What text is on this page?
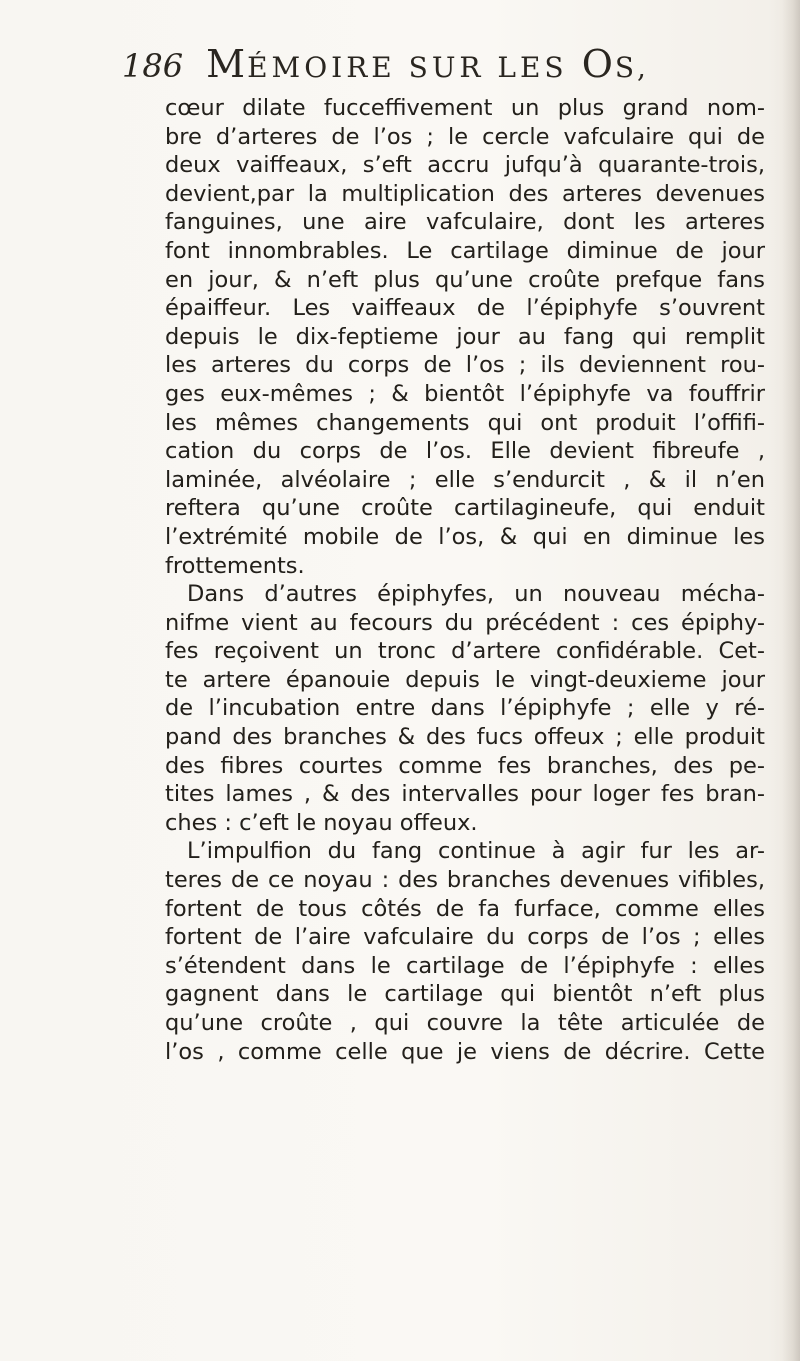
186 MÉMOIRE SUR LES OS,
cœur dilate fucceffivement un plus grand nom-
bre d’arteres de l’os ; le cercle vafculaire qui de
deux vaiffeaux, s’eft accru jufqu’à quarante-trois,
devient,par la multiplication des arteres devenues
fanguines, une aire vafculaire, dont les arteres
font innombrables. Le cartilage diminue de jour
en jour, & n’eft plus qu’une croûte prefque fans
épaiffeur. Les vaiffeaux de l’épiphyfe s’ouvrent
depuis le dix-feptieme jour au fang qui remplit
les arteres du corps de l’os ; ils deviennent rou-
ges eux-mêmes ; & bientôt l’épiphyfe va fouffrir
les mêmes changements qui ont produit l’offifi-
cation du corps de l’os. Elle devient fibreufe ,
laminée, alvéolaire ; elle s’endurcit , & il n’en
reftera qu’une croûte cartilagineufe, qui enduit
l’extrémité mobile de l’os, & qui en diminue les
frottements.
Dans d’autres épiphyfes, un nouveau mécha-
nifme vient au fecours du précédent : ces épiphy-
fes reçoivent un tronc d’artere confidérable. Cet-
te artere épanouie depuis le vingt-deuxieme jour
de l’incubation entre dans l’épiphyfe ; elle y ré-
pand des branches & des fucs offeux ; elle produit
des fibres courtes comme fes branches, des pe-
tites lames , & des intervalles pour loger fes bran-
ches : c’eft le noyau offeux.
L’impulfion du fang continue à agir fur les ar-
teres de ce noyau : des branches devenues vifibles,
fortent de tous côtés de fa furface, comme elles
fortent de l’aire vafculaire du corps de l’os ; elles
s’étendent dans le cartilage de l’épiphyfe : elles
gagnent dans le cartilage qui bientôt n’eft plus
qu’une croûte , qui couvre la tête articulée de
l’os , comme celle que je viens de décrire. Cette
